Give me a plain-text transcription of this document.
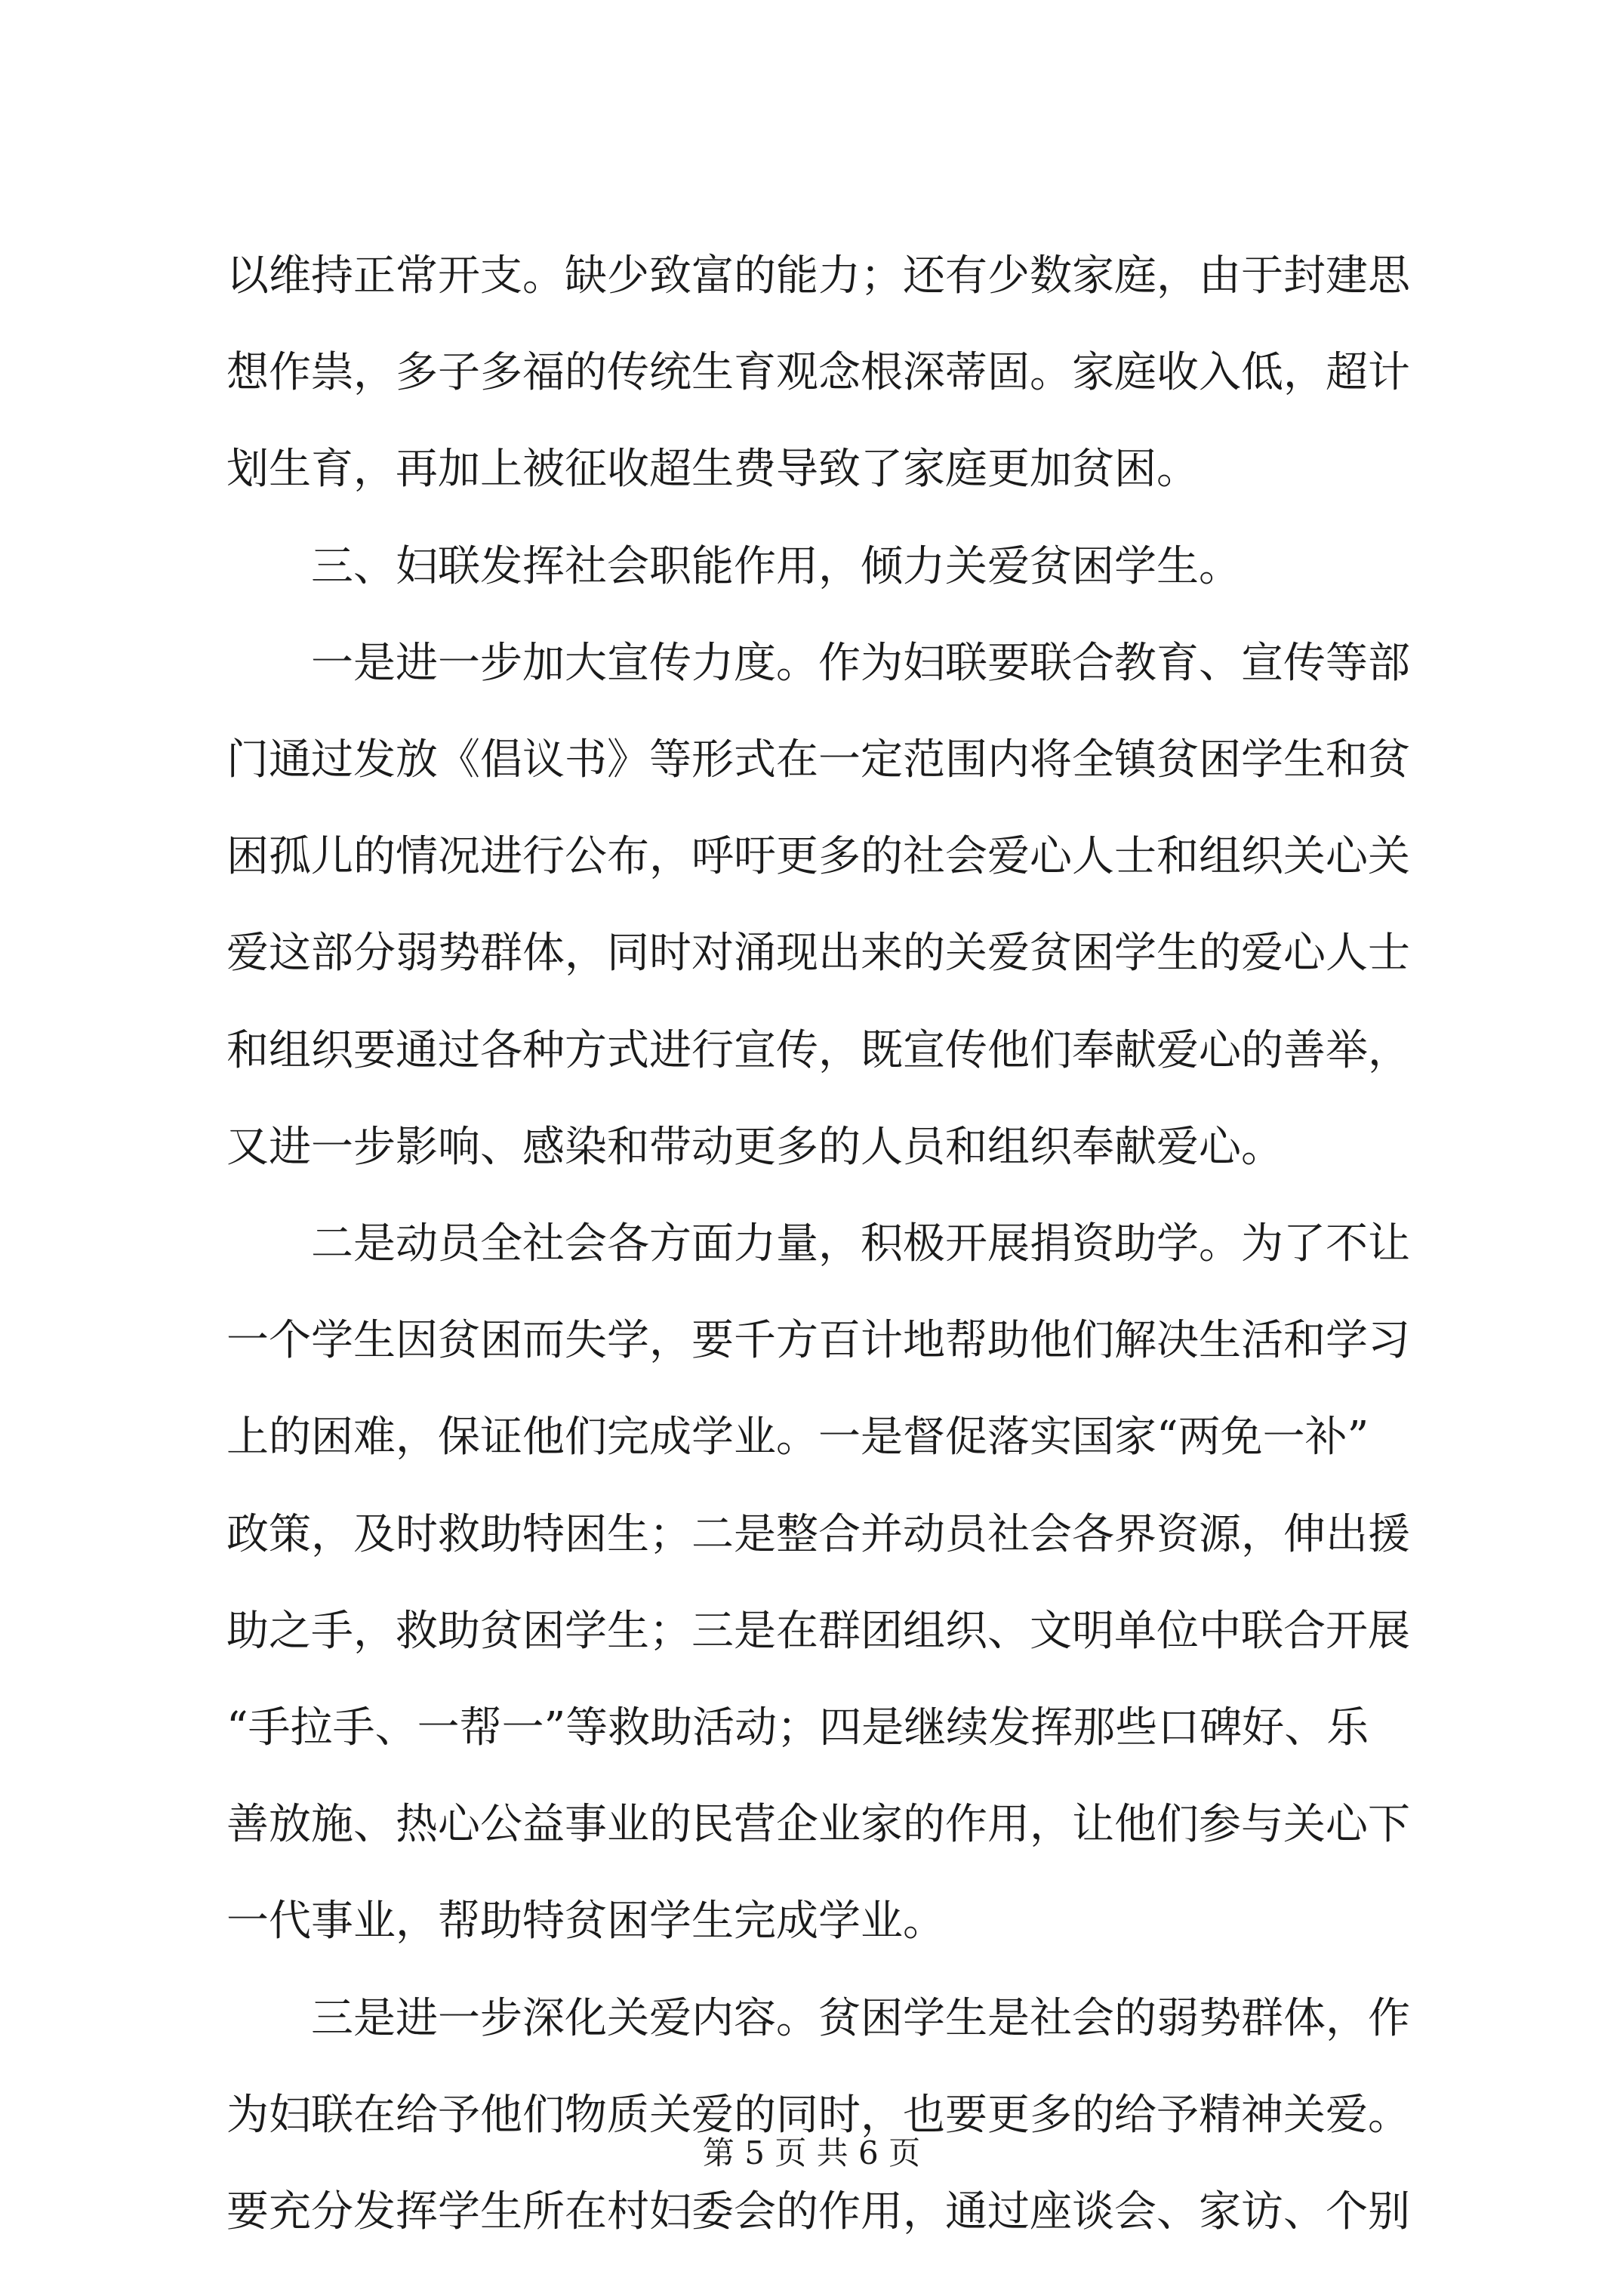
以维持正常开支。缺少致富的能力；还有少数家庭，由于封建思

想作祟，多子多福的传统生育观念根深蒂固。家庭收入低，超计

划生育，再加上被征收超生费导致了家庭更加贫困。

三、妇联发挥社会职能作用，倾力关爱贫困学生。

一是进一步加大宣传力度。作为妇联要联合教育、宣传等部

门通过发放《倡议书》等形式在一定范围内将全镇贫困学生和贫

困孤儿的情况进行公布，呼吁更多的社会爱心人士和组织关心关

爱这部分弱势群体，同时对涌现出来的关爱贫困学生的爱心人士

和组织要通过各种方式进行宣传，既宣传他们奉献爱心的善举，

又进一步影响、感染和带动更多的人员和组织奉献爱心。

二是动员全社会各方面力量，积极开展捐资助学。为了不让

一个学生因贫困而失学，要千方百计地帮助他们解决生活和学习

上的困难，保证他们完成学业。一是督促落实国家“两免一补”

政策，及时救助特困生；二是整合并动员社会各界资源，伸出援

助之手，救助贫困学生；三是在群团组织、文明单位中联合开展

“手拉手、一帮一”等救助活动；四是继续发挥那些口碑好、乐

善放施、热心公益事业的民营企业家的作用，让他们参与关心下

一代事业，帮助特贫困学生完成学业。

三是进一步深化关爱内容。贫困学生是社会的弱势群体，作

为妇联在给予他们物质关爱的同时，也要更多的给予精神关爱。

要充分发挥学生所在村妇委会的作用，通过座谈会、家访、个别

第 5 页 共 6 页
